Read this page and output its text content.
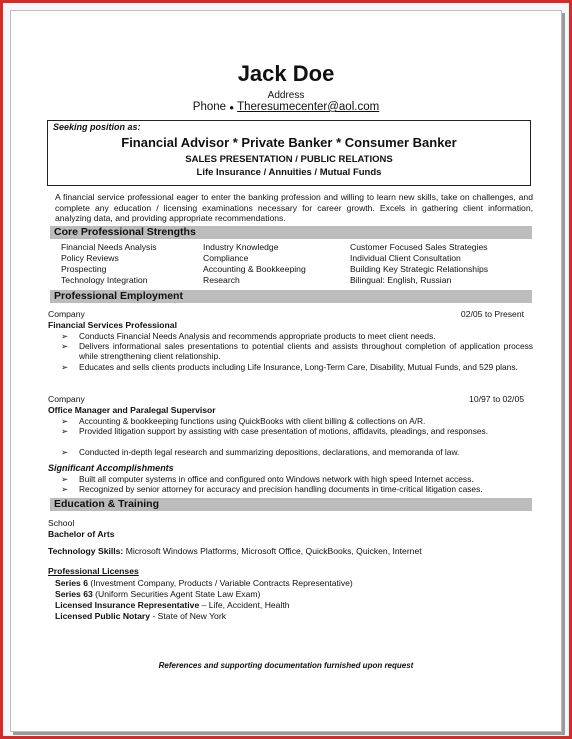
Jack Doe
Address
Phone ● Theresumecenter@aol.com
Seeking position as:
Financial Advisor * Private Banker * Consumer Banker
SALES PRESENTATION / PUBLIC RELATIONS
Life Insurance / Annuities / Mutual Funds
A financial service professional eager to enter the banking profession and willing to learn new skills, take on challenges, and complete any education / licensing examinations necessary for career growth. Excels in gathering client information, analyzing data, and providing appropriate recommendations.
Core Professional Strengths
Financial Needs Analysis
Policy Reviews
Prospecting
Technology Integration
Industry Knowledge
Compliance
Accounting & Bookkeeping
Research
Customer Focused Sales Strategies
Individual Client Consultation
Building Key Strategic Relationships
Bilingual: English, Russian
Professional Employment
Company	02/05 to Present
Financial Services Professional
➢ Conducts Financial Needs Analysis and recommends appropriate products to meet client needs.
➢ Delivers informational sales presentations to potential clients and assists throughout completion of application process while strengthening client relationship.
➢ Educates and sells clients products including Life Insurance, Long-Term Care, Disability, Mutual Funds, and 529 plans.
Company	10/97 to 02/05
Office Manager and Paralegal Supervisor
➢ Accounting & bookkeeping functions using QuickBooks with client billing & collections on A/R.
➢ Provided litigation support by assisting with case presentation of motions, affidavits, pleadings, and responses.
➢ Conducted in-depth legal research and summarizing depositions, declarations, and memoranda of law.
Significant Accomplishments
➢ Built all computer systems in office and configured onto Windows network with high speed Internet access.
➢ Recognized by senior attorney for accuracy and precision handling documents in time-critical litigation cases.
Education & Training
School
Bachelor of Arts
Technology Skills: Microsoft Windows Platforms, Microsoft Office, QuickBooks, Quicken, Internet
Professional Licenses
Series 6 (Investment Company, Products / Variable Contracts Representative)
Series 63 (Uniform Securities Agent State Law Exam)
Licensed Insurance Representative – Life, Accident, Health
Licensed Public Notary - State of New York
References and supporting documentation furnished upon request
